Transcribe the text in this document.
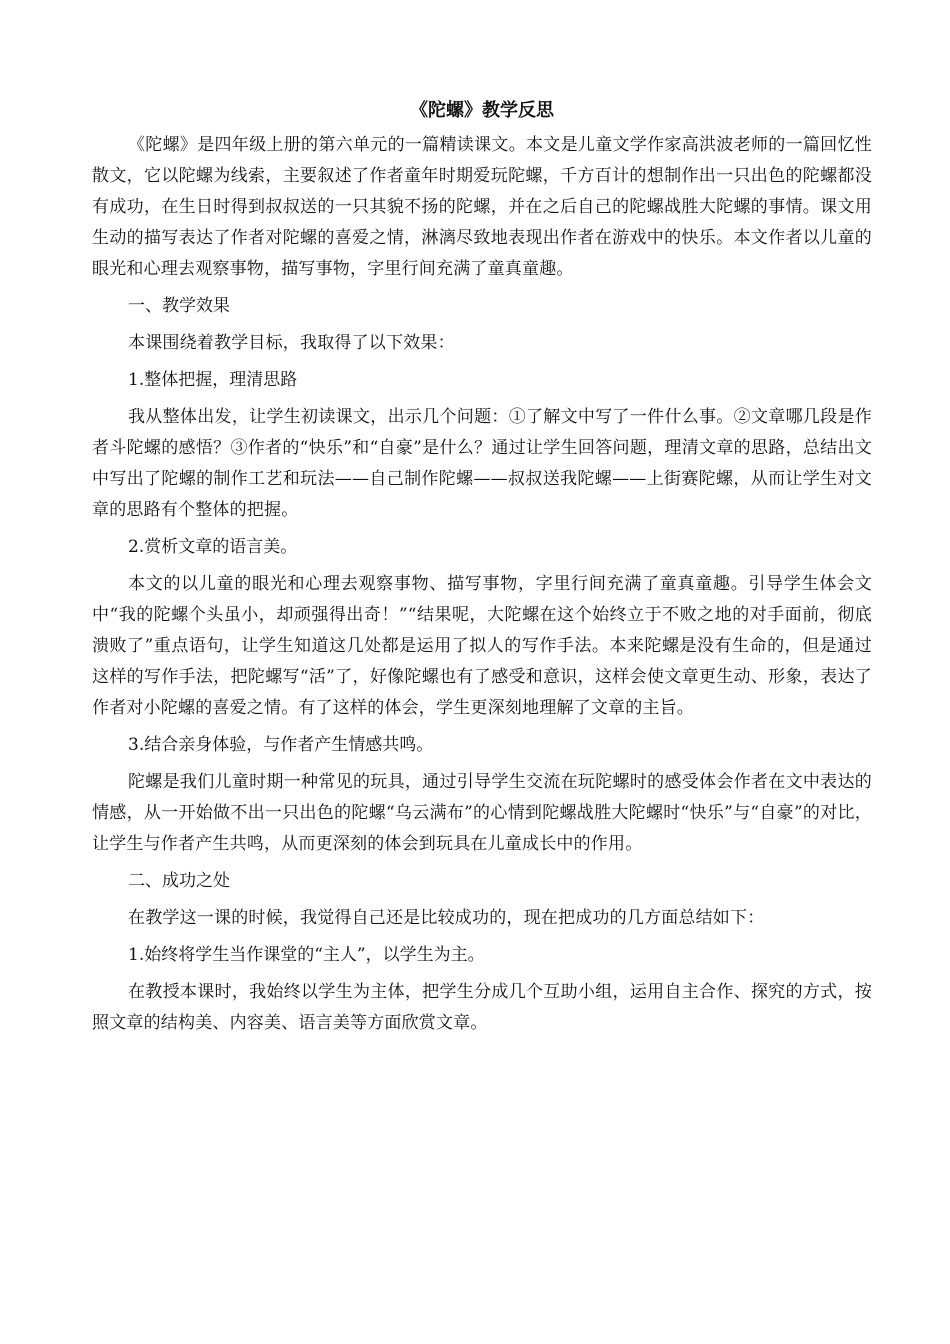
《陀螺》教学反思

《陀螺》是四年级上册的第六单元的一篇精读课文。本文是儿童文学作家高洪波老师的一篇回忆性散文，它以陀螺为线索，主要叙述了作者童年时期爱玩陀螺，千方百计的想制作出一只出色的陀螺都没有成功，在生日时得到叔叔送的一只其貌不扬的陀螺，并在之后自己的陀螺战胜大陀螺的事情。课文用生动的描写表达了作者对陀螺的喜爱之情，淋漓尽致地表现出作者在游戏中的快乐。本文作者以儿童的眼光和心理去观察事物，描写事物，字里行间充满了童真童趣。

一、教学效果

本课围绕着教学目标，我取得了以下效果：

1.整体把握，理清思路

我从整体出发，让学生初读课文，出示几个问题：①了解文中写了一件什么事。②文章哪几段是作者斗陀螺的感悟？③作者的“快乐”和“自豪”是什么？通过让学生回答问题，理清文章的思路，总结出文中写出了陀螺的制作工艺和玩法——自己制作陀螺——叔叔送我陀螺——上街赛陀螺，从而让学生对文章的思路有个整体的把握。

2.赏析文章的语言美。

本文的以儿童的眼光和心理去观察事物、描写事物，字里行间充满了童真童趣。引导学生体会文中“我的陀螺个头虽小，却顽强得出奇！”“结果呢，大陀螺在这个始终立于不败之地的对手面前，彻底溃败了”重点语句，让学生知道这几处都是运用了拟人的写作手法。本来陀螺是没有生命的，但是通过这样的写作手法，把陀螺写“活”了，好像陀螺也有了感受和意识，这样会使文章更生动、形象，表达了作者对小陀螺的喜爱之情。有了这样的体会，学生更深刻地理解了文章的主旨。

3.结合亲身体验，与作者产生情感共鸣。

陀螺是我们儿童时期一种常见的玩具，通过引导学生交流在玩陀螺时的感受体会作者在文中表达的情感，从一开始做不出一只出色的陀螺“乌云满布”的心情到陀螺战胜大陀螺时“快乐”与“自豪”的对比，让学生与作者产生共鸣，从而更深刻的体会到玩具在儿童成长中的作用。

二、成功之处

在教学这一课的时候，我觉得自己还是比较成功的，现在把成功的几方面总结如下：

1.始终将学生当作课堂的“主人”，以学生为主。

在教授本课时，我始终以学生为主体，把学生分成几个互助小组，运用自主合作、探究的方式，按照文章的结构美、内容美、语言美等方面欣赏文章。
